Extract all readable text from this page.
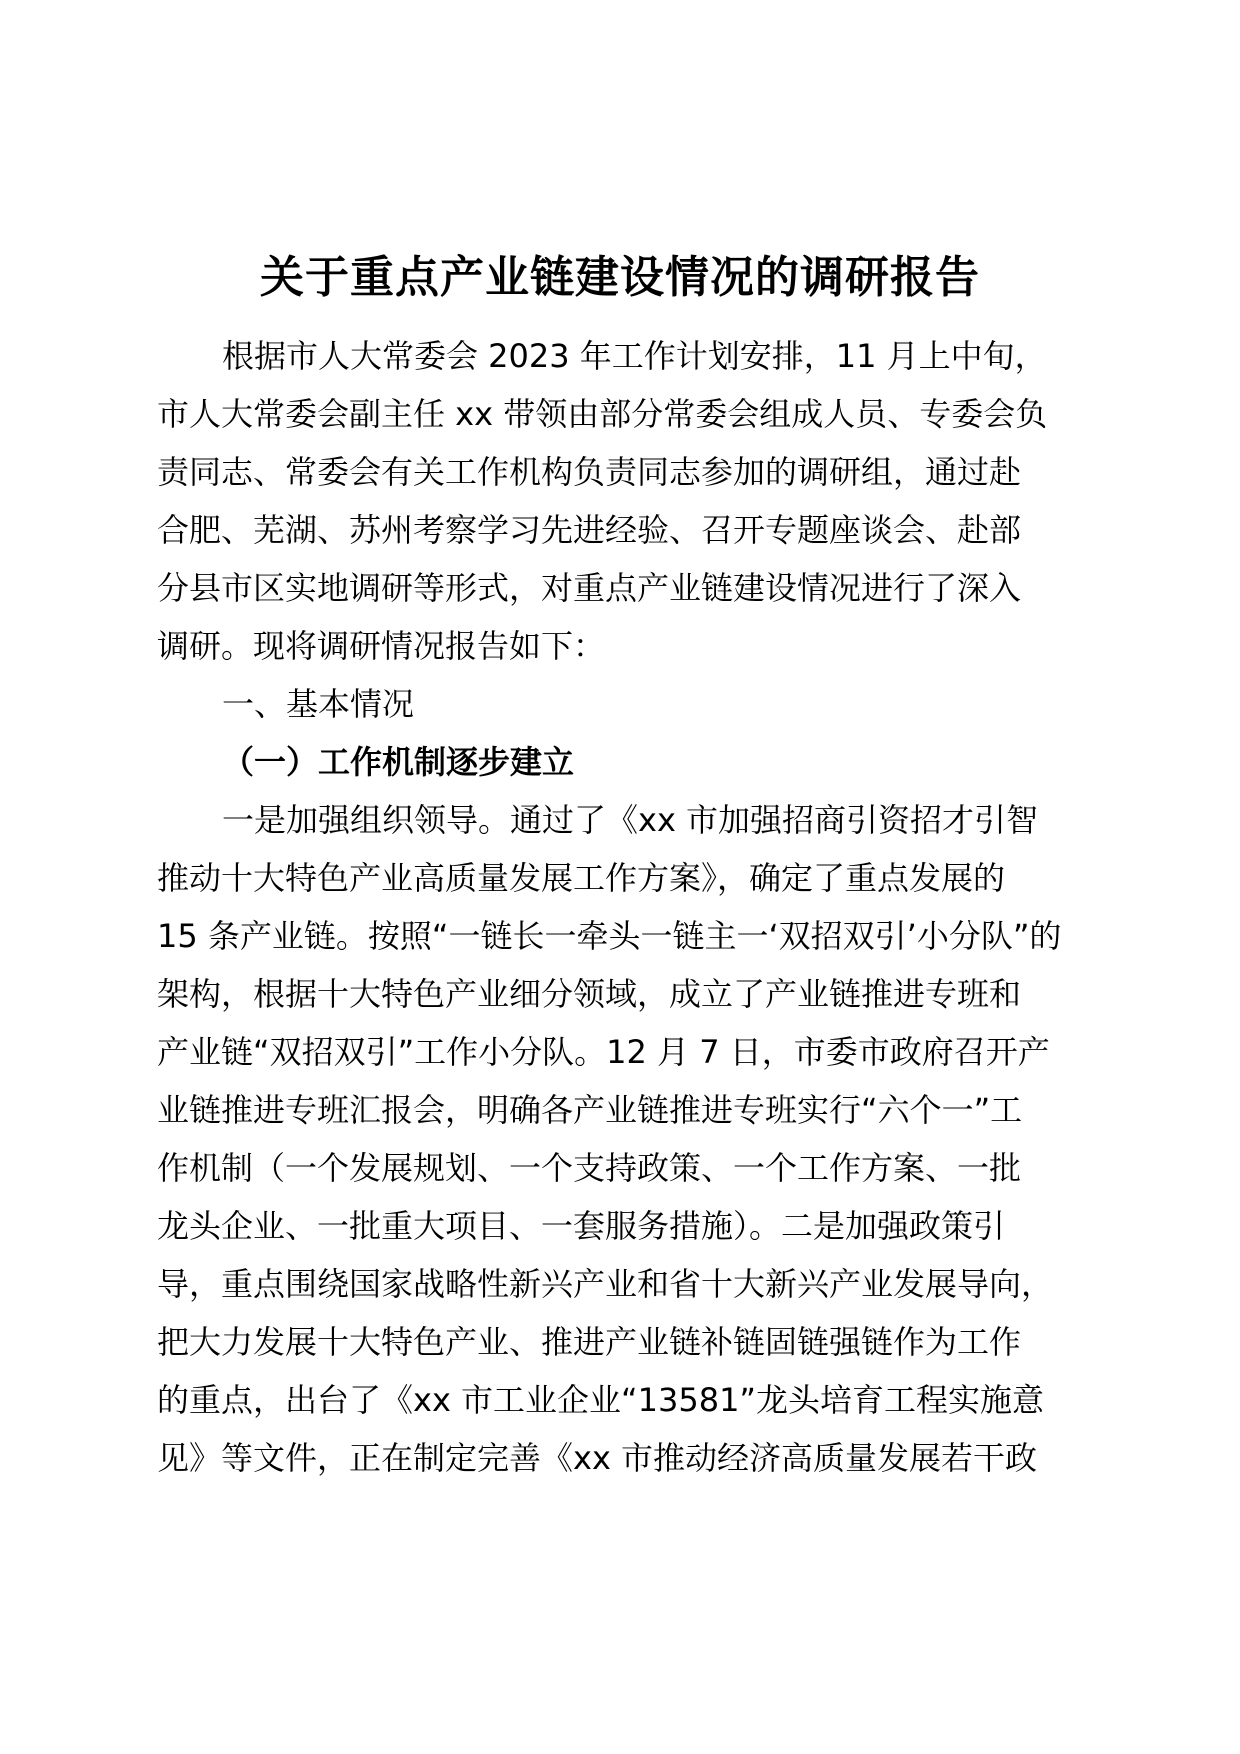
关于重点产业链建设情况的调研报告

根据市人大常委会 2023 年工作计划安排，11 月上中旬，

市人大常委会副主任 xx 带领由部分常委会组成人员、专委会负

责同志、常委会有关工作机构负责同志参加的调研组，通过赴

合肥、芜湖、苏州考察学习先进经验、召开专题座谈会、赴部

分县市区实地调研等形式，对重点产业链建设情况进行了深入

调研。现将调研情况报告如下：

一、基本情况

（一）工作机制逐步建立

一是加强组织领导。通过了《xx 市加强招商引资招才引智

推动十大特色产业高质量发展工作方案》，确定了重点发展的

15 条产业链。按照“一链长一牵头一链主一‘双招双引’小分队”的

架构，根据十大特色产业细分领域，成立了产业链推进专班和

产业链“双招双引”工作小分队。12 月 7 日，市委市政府召开产

业链推进专班汇报会，明确各产业链推进专班实行“六个一”工

作机制（一个发展规划、一个支持政策、一个工作方案、一批

龙头企业、一批重大项目、一套服务措施）。二是加强政策引

导，重点围绕国家战略性新兴产业和省十大新兴产业发展导向，

把大力发展十大特色产业、推进产业链补链固链强链作为工作

的重点，出台了《xx 市工业企业“13581”龙头培育工程实施意

见》等文件，正在制定完善《xx 市推动经济高质量发展若干政
